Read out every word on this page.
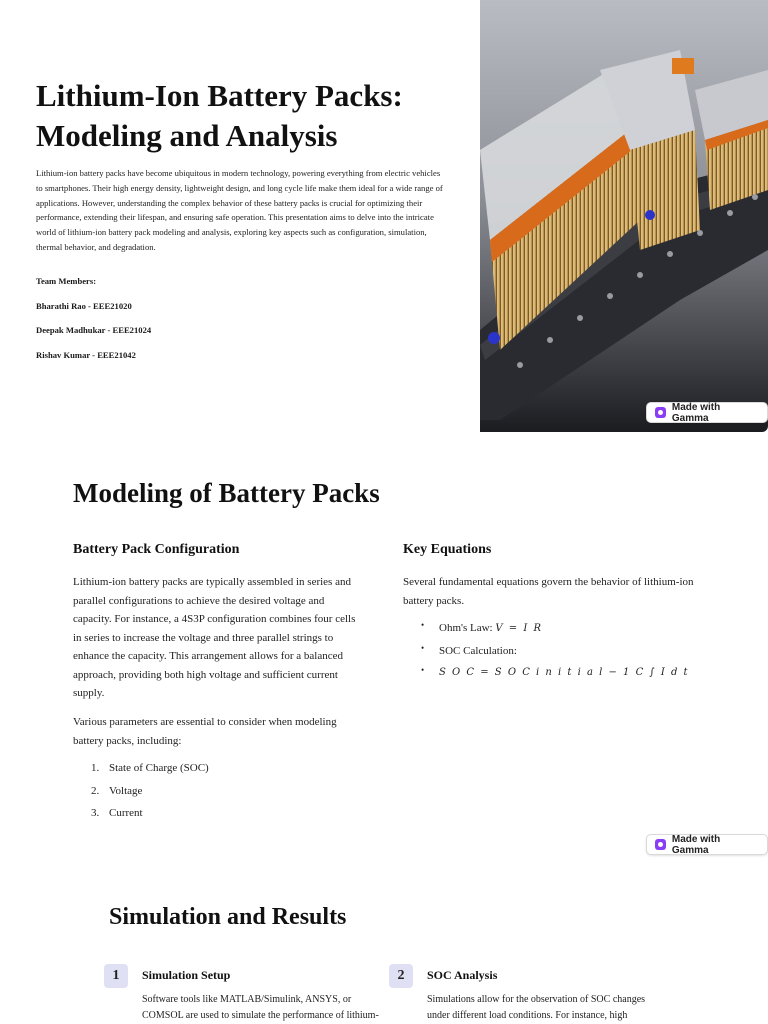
Lithium-Ion Battery Packs:
Modeling and Analysis

Lithium-ion battery packs have become ubiquitous in modern technology, powering everything from electric vehicles to smartphones. Their high energy density, lightweight design, and long cycle life make them ideal for a wide range of applications. However, understanding the complex behavior of these battery packs is crucial for optimizing their performance, extending their lifespan, and ensuring safe operation. This presentation aims to delve into the intricate world of lithium-ion battery pack modeling and analysis, exploring key aspects such as configuration, simulation, thermal behavior, and degradation.

Team Members:

Bharathi Rao - EEE21020

Deepak Madhukar - EEE21024

Rishav Kumar - EEE21042

Made with Gamma
Modeling of Battery Packs
Battery Pack Configuration

Lithium-ion battery packs are typically assembled in series and
parallel configurations to achieve the desired voltage and
capacity. For instance, a 4S3P configuration combines four cells
in series to increase the voltage and three parallel strings to
enhance the capacity. This arrangement allows for a balanced
approach, providing both high voltage and sufficient current
supply.

Various parameters are essential to consider when modeling
battery packs, including:

1. State of Charge (SOC)
2. Voltage
3. Current
Key Equations

Several fundamental equations govern the behavior of lithium-ion
battery packs.

• Ohm's Law: V = I R
• SOC Calculation:
• S O C = S O C i n i t i a l − 1 C ∫ I d t
Made with Gamma
Simulation and Results
1	Simulation Setup

Software tools like MATLAB/Simulink, ANSYS, or
COMSOL are used to simulate the performance of lithium-

2	SOC Analysis

Simulations allow for the observation of SOC changes
under different load conditions. For instance, high
